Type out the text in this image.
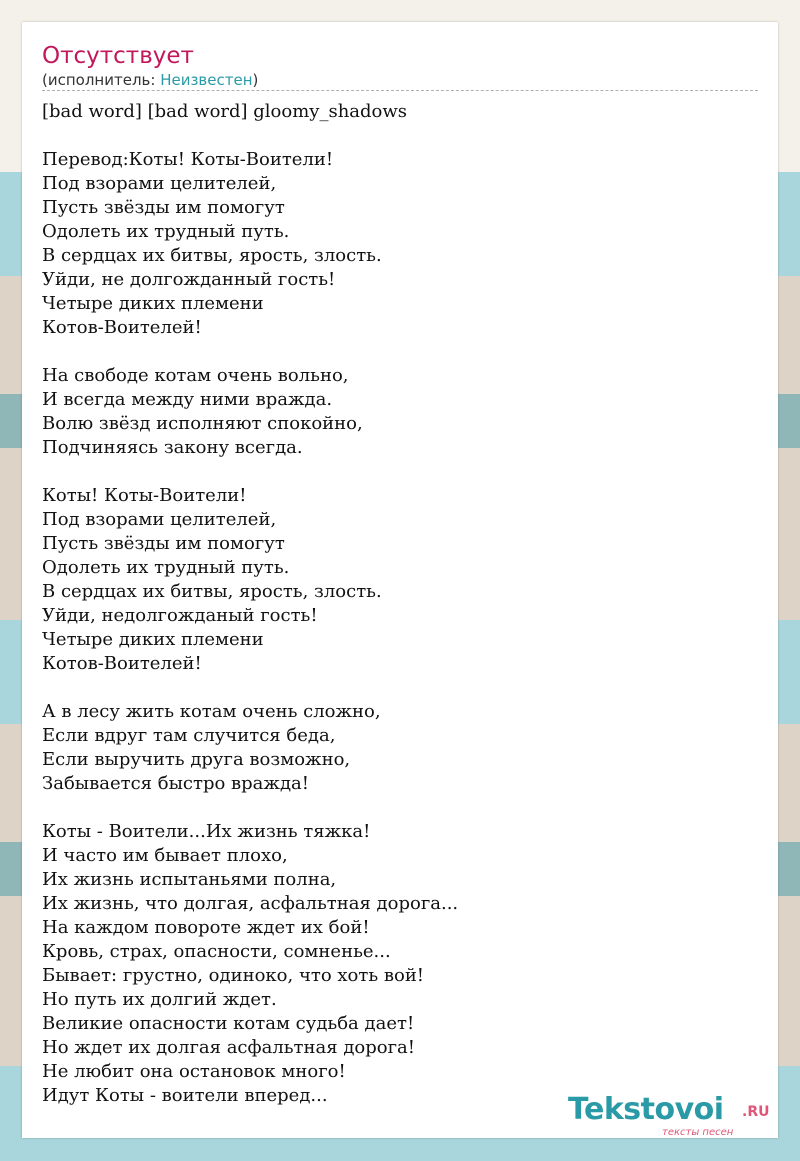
Отсутствует
(исполнитель: Неизвестен)
[bad word] [bad word] gloomy_shadows
Перевод:Коты! Коты-Воители!
Под взорами целителей,
Пусть звёзды им помогут
Одолеть их трудный путь.
В сердцах их битвы, ярость, злость.
Уйди, не долгожданный гость!
Четыре диких племени
Котов-Воителей!
На свободе котам очень вольно,
И всегда между ними вражда.
Волю звёзд исполняют спокойно,
Подчиняясь закону всегда.
Коты! Коты-Воители!
Под взорами целителей,
Пусть звёзды им помогут
Одолеть их трудный путь.
В сердцах их битвы, ярость, злость.
Уйди, недолгожданый гость!
Четыре диких племени
Котов-Воителей!
А в лесу жить котам очень сложно,
Если вдруг там случится беда,
Если выручить друга возможно,
Забывается быстро вражда!
Коты - Воители...Их жизнь тяжка!
И часто им бывает плохо,
Их жизнь испытаньями полна,
Их жизнь, что долгая, асфальтная дорога...
На каждом повороте ждет их бой!
Кровь, страх, опасности, сомненье...
Бывает: грустно, одиноко, что хоть вой!
Но путь их долгий ждет.
Великие опасности котам судьба дает!
Но ждет их долгая асфальтная дорога!
Не любит она остановок много!
Идут Коты - воители вперед...	Tekstovoi .RU
тексты песен
